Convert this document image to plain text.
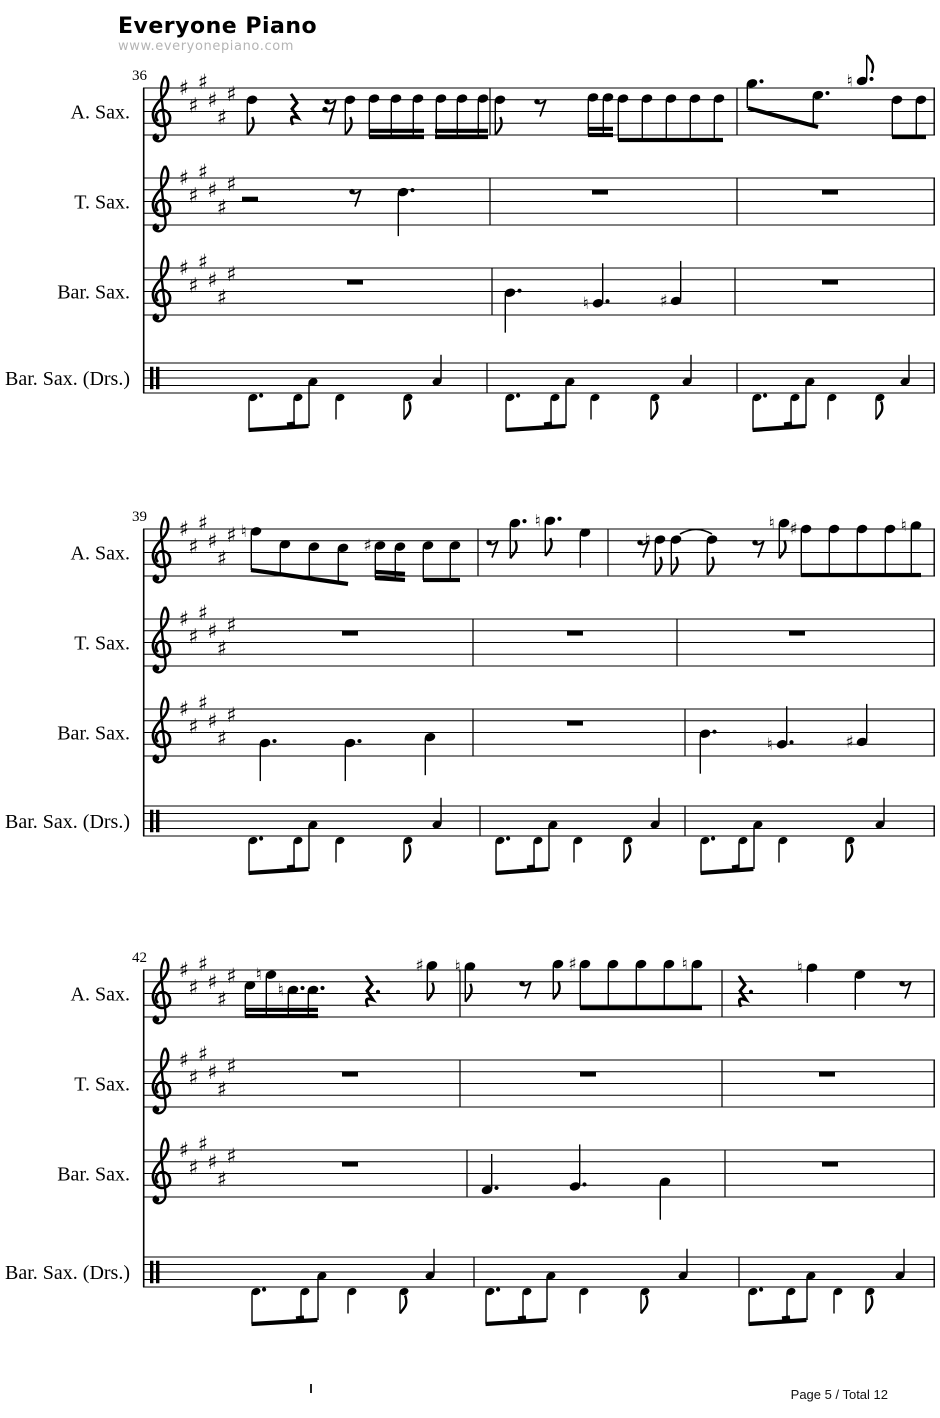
Everyone Piano
www.everyonepiano.com
36
A. Sax.
♯
♯
♯
♯
♯
♯
♮
T. Sax.
♯
♯
♯
♯
♯
♯
Bar. Sax.
♯
♯
♯
♯
♯
♯
♮	♯
Bar. Sax. (Drs.)
39
A. Sax.
♯
♯
♯
♯
♯
♯ ♮
♯
♮
♮
♮ ♯	♮
T. Sax.
♯
♯
♯
♯
♯
♯
Bar. Sax.
♯
♯
♯
♯
♯
♯
♮	♯
Bar. Sax. (Drs.)
42
A. Sax.
♯
♯
♯
♯
♯
♯ ♮
♮
♯ ♮	♯	♮	♮
T. Sax.
♯
♯
♯
♯
♯
♯
Bar. Sax.
♯
♯
♯
♯
♯
♯
Bar. Sax. (Drs.)
Page 5 / Total 12
